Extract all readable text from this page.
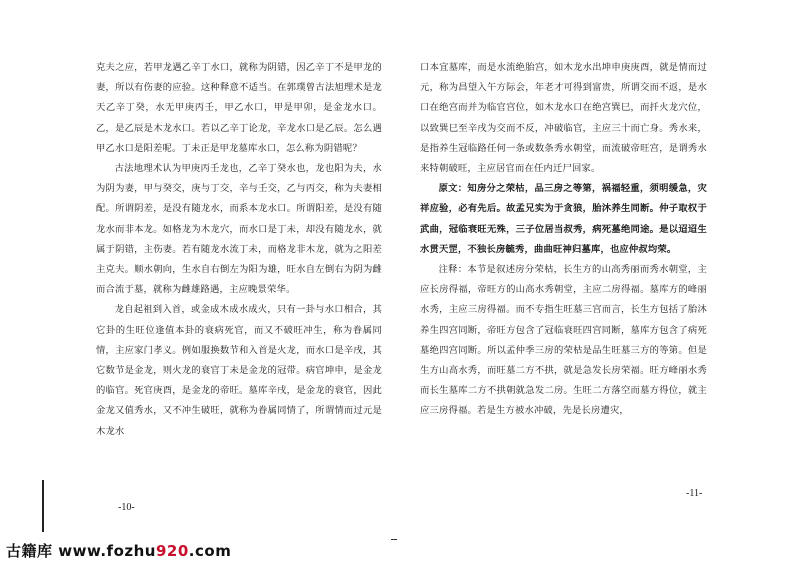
克夫之应，若甲龙遇乙辛丁水口，就称为阴错，因乙辛丁不是甲龙的妻，所以有伤妻的应验。这种释意不适当。在郭璞曾古法旭理术是龙天乙辛丁癸，水无甲庚丙壬，甲乙水口，甲是甲卯，是金龙水口。乙，是乙辰是木龙水口。若以乙辛丁论龙，辛龙水口是乙辰。怎么遇甲乙水口是阳差呢。丁未正是甲龙墓库水口，怎么称为阴错呢？

古法地理术认为甲庚丙壬龙也，乙辛丁癸水也，龙也阳为夫，水为阴为妻，甲与癸交，庚与丁交，辛与壬交，乙与丙交，称为夫妻相配。所谓阴差，是没有随龙水，而系本龙水口。所谓阳差，是没有随龙水而非本龙。如格龙为木龙穴，而水口是丁未，却没有随龙水，就属于阴错，主伤妻。若有随龙水流丁未，而格龙非木龙，就为之阳差主克夫。顺水朝向，生水自右倒左为阳为雄，旺水自左倒右为阴为雌而合流于墓，就称为雌雄路遇，主应晚景荣华。

龙自起祖到入首，或金成木成水成火，只有一卦与水口相合，其它卦的生旺位逢值本卦的衰病死官，而又不破旺冲生，称为眷属同情，主应家门孝义。例如服换数节和入首是火龙，而水口是辛戌，其它数节是金龙，则火龙的衰官丁未是金龙的冠带。病官坤申，是金龙的临官。死官庚酉，是金龙的帝旺。墓库辛戌，是金龙的衰官，因此金龙又值秀水，又不冲生破旺，就称为眷属同情了，所谓情而过元是木龙水

口本宜墓库，而是水流绝胎宫，如木龙水出坤申庚庚酉，就是情而过元，称为昌望入午方际会，年老才可得到富贵，所谓交而不返，是水口在绝宫而并为临官宫位，如木龙水口在绝宫巽巳，而扦火龙穴位，以致巽巳至辛戌为交而不反，冲破临官，主应三十而亡身。秀水来，是指养生冠临路任何一条或数条秀水朝堂，而流破帝旺宫，是谓秀水来特朝破旺，主应居官而在任内迁尸回家。

原文：知房分之荣枯，品三房之等第，祸福轻重，须明缓急，灾祥应验，必有先后。故孟兄实为于贪狼，胎沐养生同断。仲子取权于武曲，冠临衰旺无殊，三子位居当叔秀，病死墓绝同途。是以迢迢生水贯天罡，不独长房毓秀，曲曲旺神归墓库，也应仲叔均荣。

注释：本节是叙述房分荣枯，长生方的山高秀丽而秀水朝堂，主应长房得福，帝旺方的山高水秀朝堂，主应二房得福。墓库方的峰丽水秀，主应三房得福。而不专指生旺墓三宫而言，长生方包括了胎沐养生四宫同断，帝旺方包含了冠临衰旺四宫同断，墓库方包含了病死墓绝四宫同断。所以孟仲季三房的荣枯是品生旺墓三方的等第。但是生方山高水秀，而旺墓二方不拱，就是急发长房荣福。旺方峰丽水秀而长生墓库二方不拱朝就急发二房。生旺二方落空而墓方得位，就主应三房得福。若是生方被水冲破，先是长房遭灾，

-10-
-11-
古籍库 www.fozhu920.com
